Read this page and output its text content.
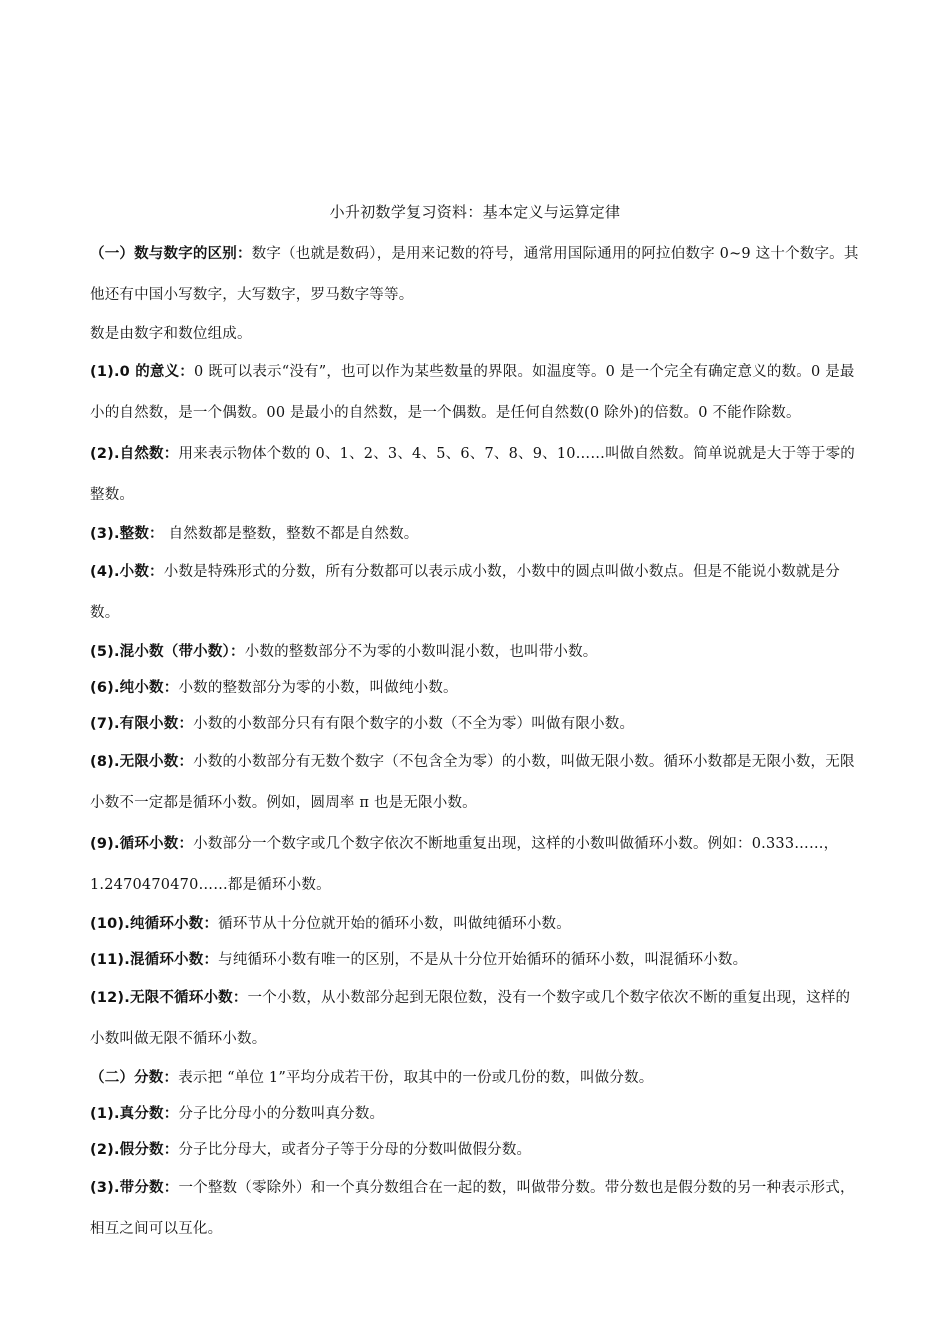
小升初数学复习资料：基本定义与运算定律

（一）数与数字的区别：数字（也就是数码），是用来记数的符号，通常用国际通用的阿拉伯数字 0~9 这十个数字。其他还有中国小写数字，大写数字，罗马数字等等。

数是由数字和数位组成。

(1).0 的意义：0 既可以表示“没有”，也可以作为某些数量的界限。如温度等。0 是一个完全有确定意义的数。0 是最小的自然数，是一个偶数。00 是最小的自然数，是一个偶数。是任何自然数(0 除外)的倍数。0 不能作除数。

(2).自然数：用来表示物体个数的 0、1、2、3、4、5、6、7、8、9、10……叫做自然数。简单说就是大于等于零的整数。

(3).整数： 自然数都是整数，整数不都是自然数。

(4).小数：小数是特殊形式的分数，所有分数都可以表示成小数，小数中的圆点叫做小数点。但是不能说小数就是分数。

(5).混小数（带小数）：小数的整数部分不为零的小数叫混小数，也叫带小数。

(6).纯小数：小数的整数部分为零的小数，叫做纯小数。

(7).有限小数：小数的小数部分只有有限个数字的小数（不全为零）叫做有限小数。

(8).无限小数：小数的小数部分有无数个数字（不包含全为零）的小数，叫做无限小数。循环小数都是无限小数，无限小数不一定都是循环小数。例如，圆周率 π 也是无限小数。

(9).循环小数：小数部分一个数字或几个数字依次不断地重复出现，这样的小数叫做循环小数。例如：0.333……，1.2470470470……都是循环小数。

(10).纯循环小数：循环节从十分位就开始的循环小数，叫做纯循环小数。

(11).混循环小数：与纯循环小数有唯一的区别，不是从十分位开始循环的循环小数，叫混循环小数。

(12).无限不循环小数：一个小数，从小数部分起到无限位数，没有一个数字或几个数字依次不断的重复出现，这样的小数叫做无限不循环小数。

（二）分数：表示把 “单位 1”平均分成若干份，取其中的一份或几份的数，叫做分数。

(1).真分数：分子比分母小的分数叫真分数。

(2).假分数：分子比分母大，或者分子等于分母的分数叫做假分数。

(3).带分数：一个整数（零除外）和一个真分数组合在一起的数，叫做带分数。带分数也是假分数的另一种表示形式，相互之间可以互化。
